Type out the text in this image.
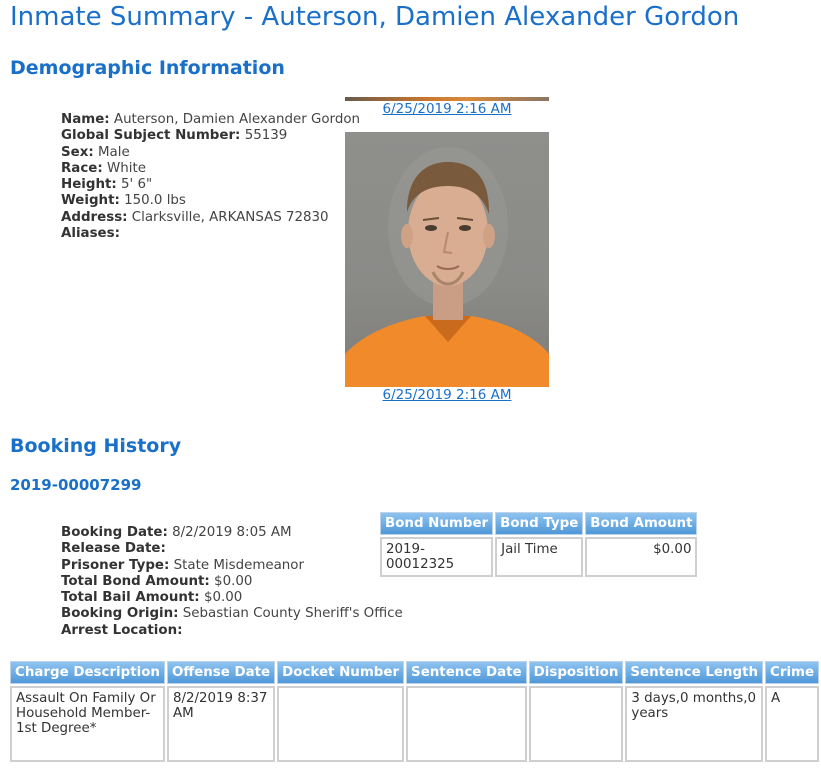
Inmate Summary - Auterson, Damien Alexander Gordon
Demographic Information
Name: Auterson, Damien Alexander Gordon
Global Subject Number: 55139
Sex: Male
Race: White
Height: 5' 6"
Weight: 150.0 lbs
Address: Clarksville, ARKANSAS 72830
Aliases:
6/25/2019 2:16 AM
6/25/2019 2:16 AM
Booking History
2019-00007299
Booking Date: 8/2/2019 8:05 AM
Release Date:
Prisoner Type: State Misdemeanor
Total Bond Amount: $0.00
Total Bail Amount: $0.00
Booking Origin: Sebastian County Sheriff's Office
Arrest Location:
Bond Number	Bond Type	Bond Amount
2019-00012325	Jail Time	$0.00
Charge Description	Offense Date	Docket Number	Sentence Date	Disposition	Sentence Length	Crime
Assault On Family Or Household Member-1st Degree*	8/2/2019 8:37 AM				3 days,0 months,0 years	A
